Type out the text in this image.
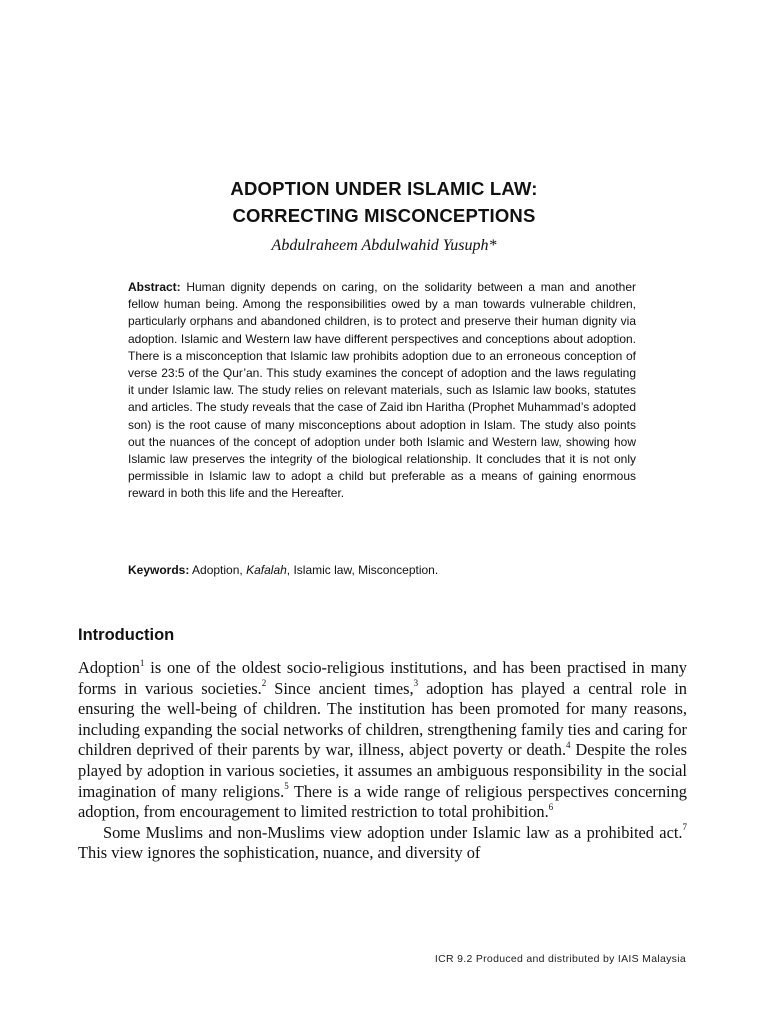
ADOPTION UNDER ISLAMIC LAW:
CORRECTING MISCONCEPTIONS
Abdulraheem Abdulwahid Yusuph*
Abstract: Human dignity depends on caring, on the solidarity between a man and another fellow human being. Among the responsibilities owed by a man towards vulnerable children, particularly orphans and abandoned children, is to protect and preserve their human dignity via adoption. Islamic and Western law have different perspectives and conceptions about adoption. There is a misconception that Islamic law prohibits adoption due to an erroneous conception of verse 23:5 of the Qur’an. This study examines the concept of adoption and the laws regulating it under Islamic law. The study relies on relevant materials, such as Islamic law books, statutes and articles. The study reveals that the case of Zaid ibn Haritha (Prophet Muhammad’s adopted son) is the root cause of many misconceptions about adoption in Islam. The study also points out the nuances of the concept of adoption under both Islamic and Western law, showing how Islamic law preserves the integrity of the biological relationship. It concludes that it is not only permissible in Islamic law to adopt a child but preferable as a means of gaining enormous reward in both this life and the Hereafter.
Keywords: Adoption, Kafalah, Islamic law, Misconception.
Introduction

Adoption$^1$ is one of the oldest socio-religious institutions, and has been practised in many forms in various societies.$^2$ Since ancient times,$^3$ adoption has played a central role in ensuring the well-being of children. The institution has been promoted for many reasons, including expanding the social networks of children, strengthening family ties and caring for children deprived of their parents by war, illness, abject poverty or death.$^4$ Despite the roles played by adoption in various societies, it assumes an ambiguous responsibility in the social imagination of many religions.$^5$ There is a wide range of religious perspectives concerning adoption, from encouragement to limited restriction to total prohibition.$^6$

Some Muslims and non-Muslims view adoption under Islamic law as a prohibited act.$^7$ This view ignores the sophistication, nuance, and diversity of

ICR 9.2 Produced and distributed by IAIS Malaysia
